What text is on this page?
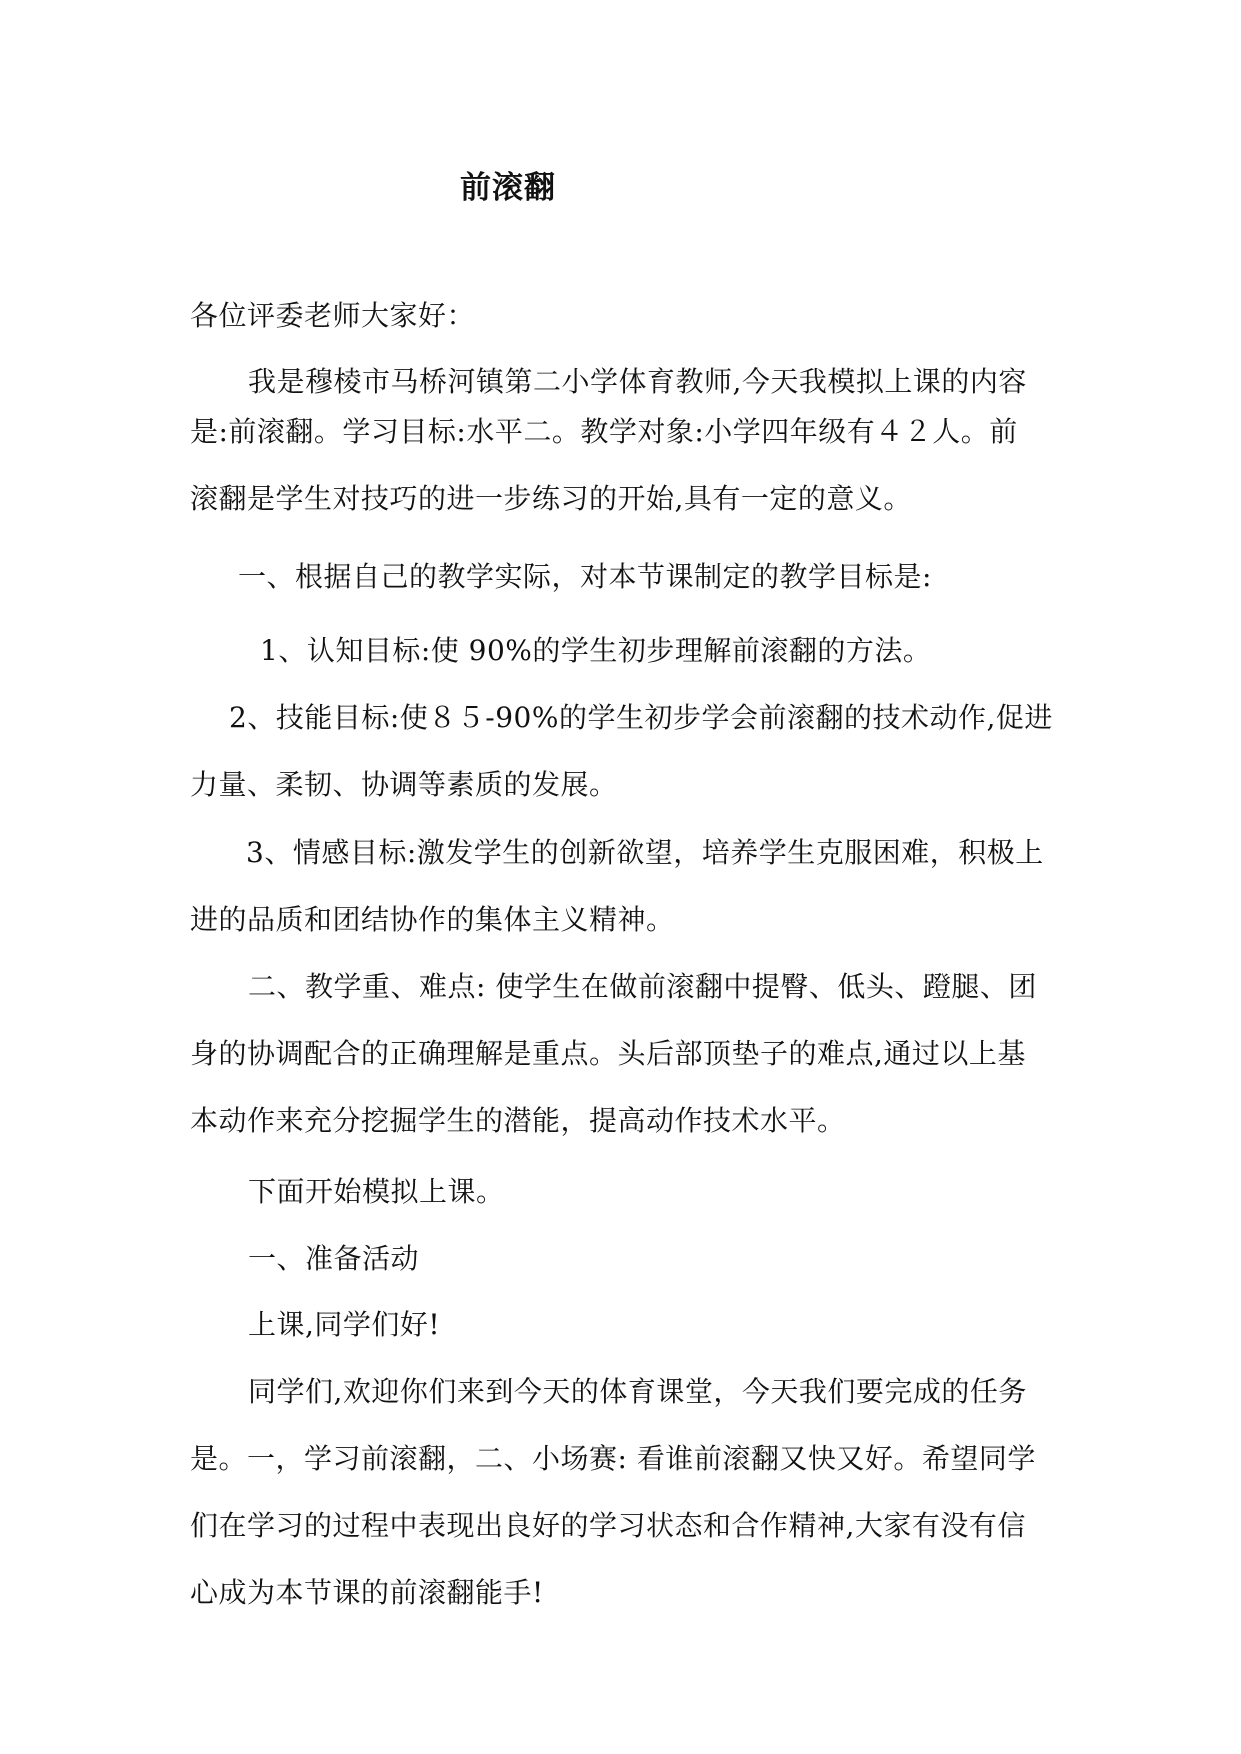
前滚翻
各位评委老师大家好：
我是穆棱市马桥河镇第二小学体育教师,今天我模拟上课的内容
是:前滚翻。学习目标:水平二。教学对象:小学四年级有４２人。前
滚翻是学生对技巧的进一步练习的开始,具有一定的意义。
一、根据自己的教学实际，对本节课制定的教学目标是:
1、认知目标:使 90%的学生初步理解前滚翻的方法。
2、技能目标:使８５-90%的学生初步学会前滚翻的技术动作,促进
力量、柔韧、协调等素质的发展。
3、情感目标:激发学生的创新欲望，培养学生克服困难，积极上
进的品质和团结协作的集体主义精神。
二、教学重、难点: 使学生在做前滚翻中提臀、低头、蹬腿、团
身的协调配合的正确理解是重点。头后部顶垫子的难点,通过以上基
本动作来充分挖掘学生的潜能，提高动作技术水平。
下面开始模拟上课。
一、准备活动
上课,同学们好!
同学们,欢迎你们来到今天的体育课堂，今天我们要完成的任务
是。一，学习前滚翻，二、小场赛: 看谁前滚翻又快又好。希望同学
们在学习的过程中表现出良好的学习状态和合作精神,大家有没有信
心成为本节课的前滚翻能手!
